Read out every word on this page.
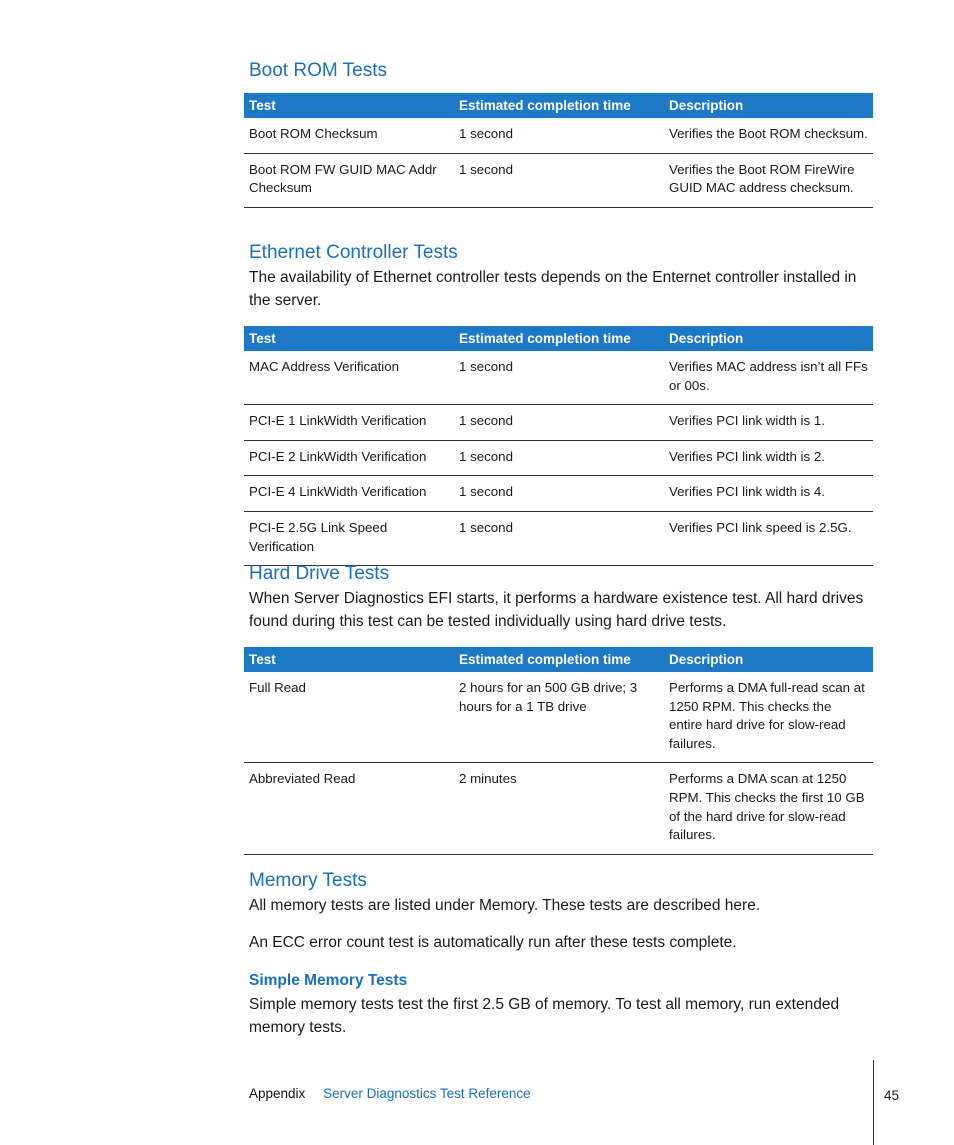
Boot ROM Tests
Test	Estimated completion time	Description
Boot ROM Checksum	1 second	Verifies the Boot ROM checksum.
Boot ROM FW GUID MAC Addr Checksum	1 second	Verifies the Boot ROM FireWire GUID MAC address checksum.
Ethernet Controller Tests

The availability of Ethernet controller tests depends on the Enternet controller installed in the server.

Test	Estimated completion time	Description
MAC Address Verification	1 second	Verifies MAC address isn’t all FFs or 00s.
PCI-E 1 LinkWidth Verification	1 second	Verifies PCI link width is 1.
PCI-E 2 LinkWidth Verification	1 second	Verifies PCI link width is 2.
PCI-E 4 LinkWidth Verification	1 second	Verifies PCI link width is 4.
PCI-E 2.5G Link Speed Verification	1 second	Verifies PCI link speed is 2.5G.
Hard Drive Tests

When Server Diagnostics EFI starts, it performs a hardware existence test. All hard drives found during this test can be tested individually using hard drive tests.

Test	Estimated completion time	Description
Full Read	2 hours for an 500 GB drive; 3 hours for a 1 TB drive	Performs a DMA full-read scan at 1250 RPM. This checks the entire hard drive for slow-read failures.
Abbreviated Read	2 minutes	Performs a DMA scan at 1250 RPM. This checks the first 10 GB of the hard drive for slow-read failures.
Memory Tests

All memory tests are listed under Memory. These tests are described here.

An ECC error count test is automatically run after these tests complete.

Simple Memory Tests

Simple memory tests test the first 2.5 GB of memory. To test all memory, run extended memory tests.

Appendix Server Diagnostics Test Reference	45
